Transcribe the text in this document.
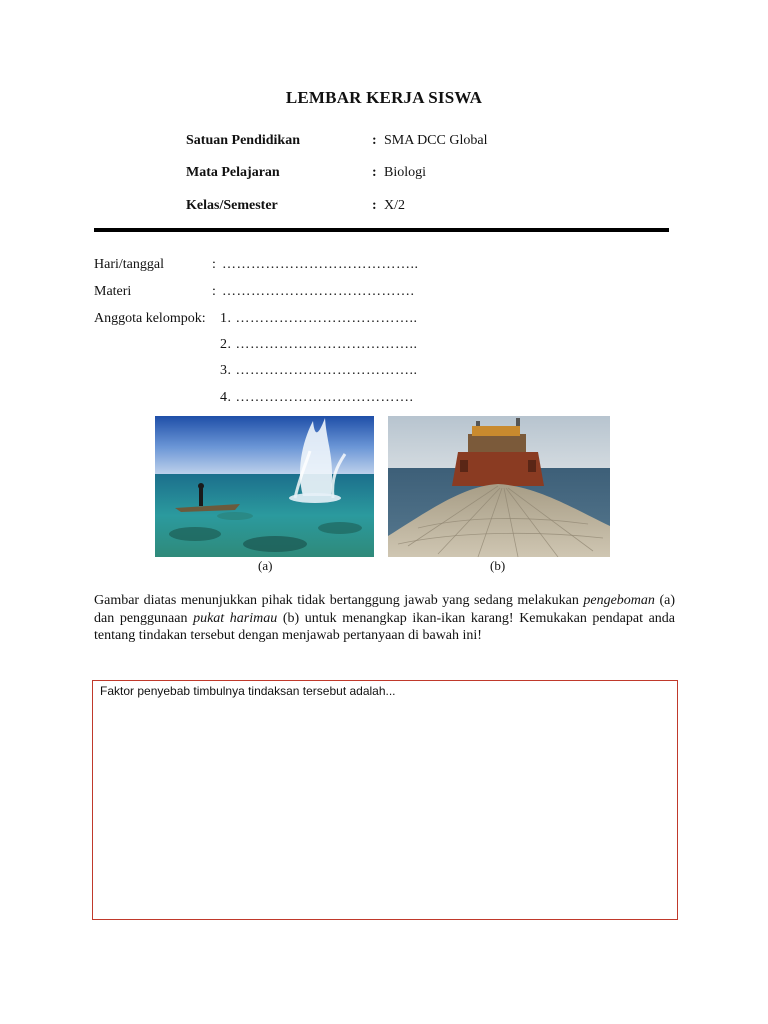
LEMBAR KERJA SISWA
Satuan Pendidikan	: SMA DCC Global
Mata Pelajaran	: Biologi
Kelas/Semester	: X/2
Hari/tanggal	: …………………………………..
Materi	: ………………………………….
Anggota kelompok: 1. ………………………………..
2. ………………………………..
3. ………………………………..
4. ……………………………….
(a)	(b)
Gambar diatas menunjukkan pihak tidak bertanggung jawab yang sedang melakukan pengeboman (a) dan penggunaan pukat harimau (b) untuk menangkap ikan-ikan karang! Kemukakan pendapat anda tentang tindakan tersebut dengan menjawab pertanyaan di bawah ini!
Faktor penyebab timbulnya tindaksan tersebut adalah...
